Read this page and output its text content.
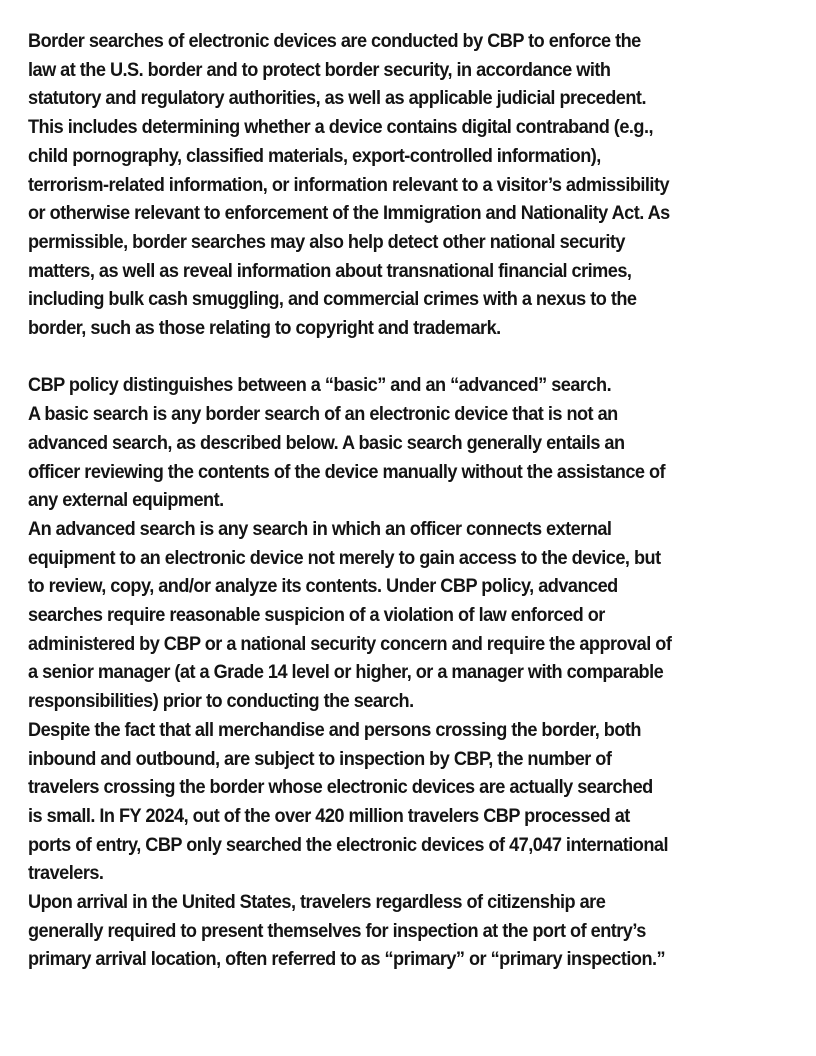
Border searches of electronic devices are conducted by CBP to enforce the
law at the U.S. border and to protect border security, in accordance with
statutory and regulatory authorities, as well as applicable judicial precedent.
This includes determining whether a device contains digital contraband (e.g.,
child pornography, classified materials, export-controlled information),
terrorism-related information, or information relevant to a visitor’s admissibility
or otherwise relevant to enforcement of the Immigration and Nationality Act. As
permissible, border searches may also help detect other national security
matters, as well as reveal information about transnational financial crimes,
including bulk cash smuggling, and commercial crimes with a nexus to the
border, such as those relating to copyright and trademark.

CBP policy distinguishes between a “basic” and an “advanced” search.

A basic search is any border search of an electronic device that is not an
advanced search, as described below. A basic search generally entails an
officer reviewing the contents of the device manually without the assistance of
any external equipment.

An advanced search is any search in which an officer connects external
equipment to an electronic device not merely to gain access to the device, but
to review, copy, and/or analyze its contents. Under CBP policy, advanced
searches require reasonable suspicion of a violation of law enforced or
administered by CBP or a national security concern and require the approval of
a senior manager (at a Grade 14 level or higher, or a manager with comparable
responsibilities) prior to conducting the search.

Despite the fact that all merchandise and persons crossing the border, both
inbound and outbound, are subject to inspection by CBP, the number of
travelers crossing the border whose electronic devices are actually searched
is small. In FY 2024, out of the over 420 million travelers CBP processed at
ports of entry, CBP only searched the electronic devices of 47,047 international
travelers.

Upon arrival in the United States, travelers regardless of citizenship are
generally required to present themselves for inspection at the port of entry’s
primary arrival location, often referred to as “primary” or “primary inspection.”
